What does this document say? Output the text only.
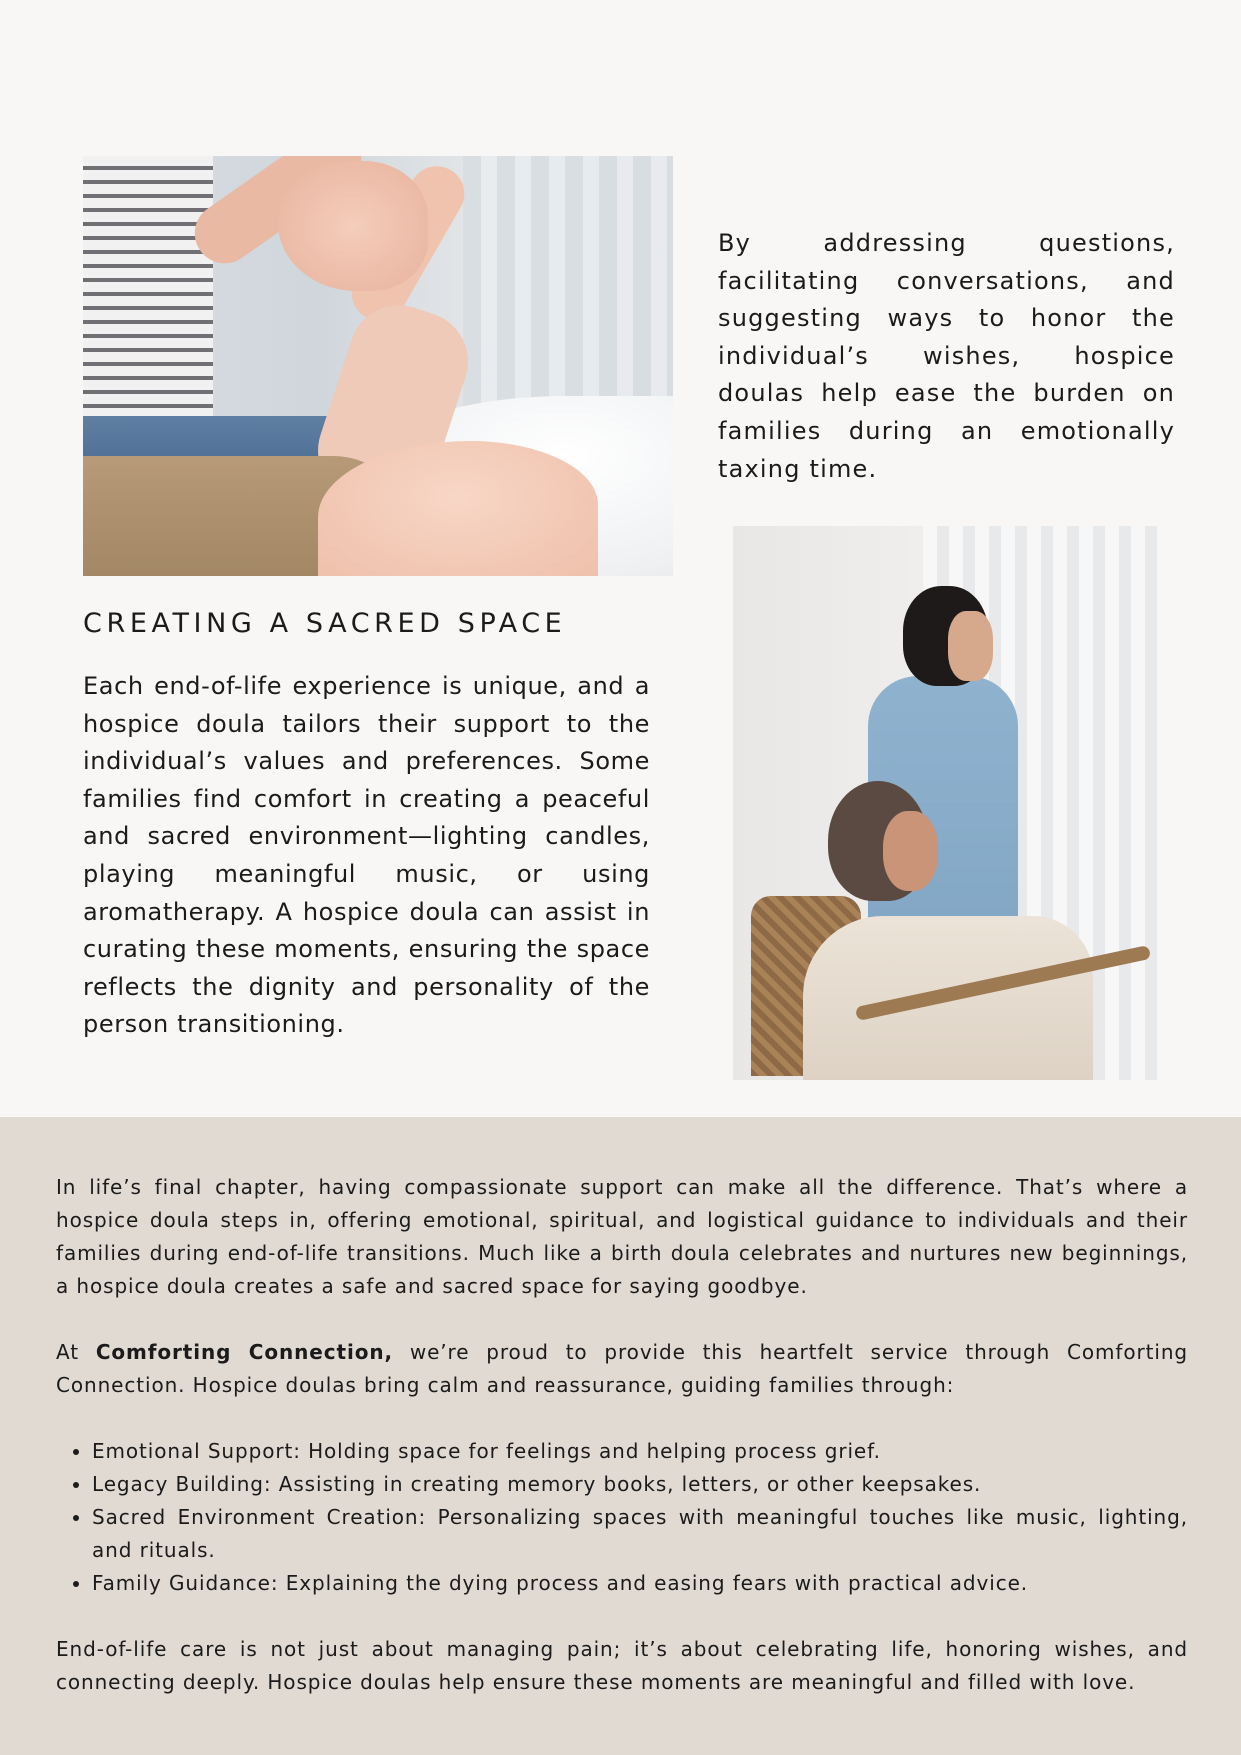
By addressing questions, facilitating conversations, and suggesting ways to honor the individual’s wishes, hospice doulas help ease the burden on families during an emotionally taxing time.

CREATING A SACRED SPACE

Each end-of-life experience is unique, and a hospice doula tailors their support to the individual’s values and preferences. Some families find comfort in creating a peaceful and sacred environment—lighting candles, playing meaningful music, or using aromatherapy. A hospice doula can assist in curating these moments, ensuring the space reflects the dignity and personality of the person transitioning.

In life’s final chapter, having compassionate support can make all the difference. That’s where a hospice doula steps in, offering emotional, spiritual, and logistical guidance to individuals and their families during end-of-life transitions. Much like a birth doula celebrates and nurtures new beginnings, a hospice doula creates a safe and sacred space for saying goodbye.

At Comforting Connection, we’re proud to provide this heartfelt service through Comforting Connection. Hospice doulas bring calm and reassurance, guiding families through:

• Emotional Support: Holding space for feelings and helping process grief.
• Legacy Building: Assisting in creating memory books, letters, or other keepsakes.
• Sacred Environment Creation: Personalizing spaces with meaningful touches like music, lighting, and rituals.
• Family Guidance: Explaining the dying process and easing fears with practical advice.

End-of-life care is not just about managing pain; it’s about celebrating life, honoring wishes, and connecting deeply. Hospice doulas help ensure these moments are meaningful and filled with love.
